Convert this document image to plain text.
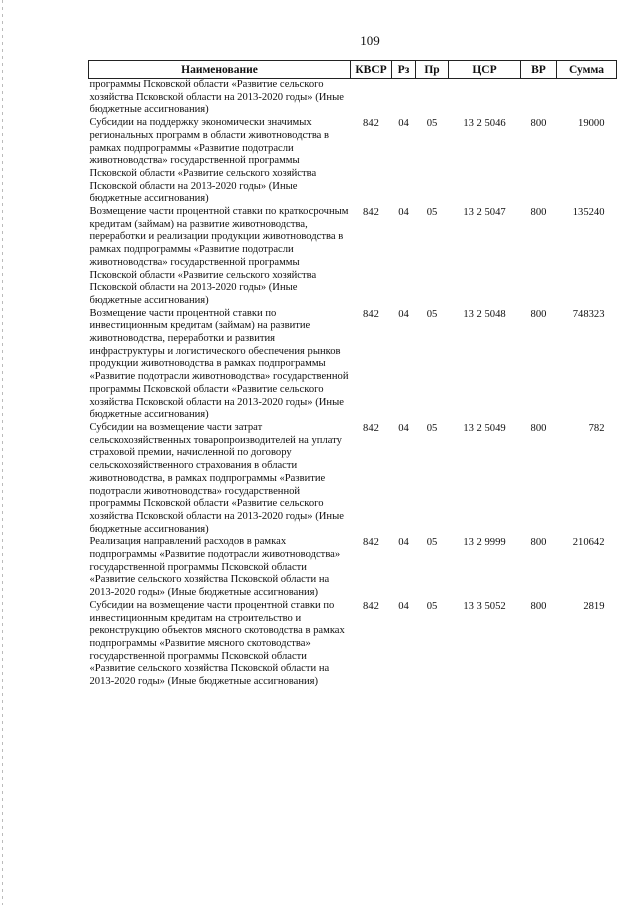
109
Наименование	КВСР	Рз	Пр	ЦСР	ВР	Сумма
программы Псковской области «Развитие сельского хозяйства Псковской области на 2013-2020 годы» (Иные бюджетные ассигнования)						
Субсидии на поддержку экономически значимых региональных программ в области животноводства в рамках подпрограммы «Развитие подотрасли животноводства» государственной программы Псковской области «Развитие сельского хозяйства Псковской области на 2013-2020 годы» (Иные бюджетные ассигнования)	842	04	05	13 2 5046	800	19000
Возмещение части процентной ставки по краткосрочным кредитам (займам) на развитие животноводства, переработки и реализации продукции животноводства в рамках подпрограммы «Развитие подотрасли животноводства» государственной программы Псковской области «Развитие сельского хозяйства Псковской области на 2013-2020 годы» (Иные бюджетные ассигнования)	842	04	05	13 2 5047	800	135240
Возмещение части процентной ставки по инвестиционным кредитам (займам) на развитие животноводства, переработки и развития инфраструктуры и логистического обеспечения рынков продукции животноводства в рамках подпрограммы «Развитие подотрасли животноводства» государственной программы Псковской области «Развитие сельского хозяйства Псковской области на 2013-2020 годы» (Иные бюджетные ассигнования)	842	04	05	13 2 5048	800	748323
Субсидии на возмещение части затрат сельскохозяйственных товаропроизводителей на уплату страховой премии, начисленной по договору сельскохозяйственного страхования в области животноводства, в рамках подпрограммы «Развитие подотрасли животноводства» государственной программы Псковской области «Развитие сельского хозяйства Псковской области на 2013-2020 годы» (Иные бюджетные ассигнования)	842	04	05	13 2 5049	800	782
Реализация направлений расходов в рамках подпрограммы «Развитие подотрасли животноводства» государственной программы Псковской области «Развитие сельского хозяйства Псковской области на 2013-2020 годы» (Иные бюджетные ассигнования)	842	04	05	13 2 9999	800	210642
Субсидии на возмещение части процентной ставки по инвестиционным кредитам на строительство и реконструкцию объектов мясного скотоводства в рамках подпрограммы «Развитие мясного скотоводства» государственной программы Псковской области «Развитие сельского хозяйства Псковской области на 2013-2020 годы» (Иные бюджетные ассигнования)	842	04	05	13 3 5052	800	2819
